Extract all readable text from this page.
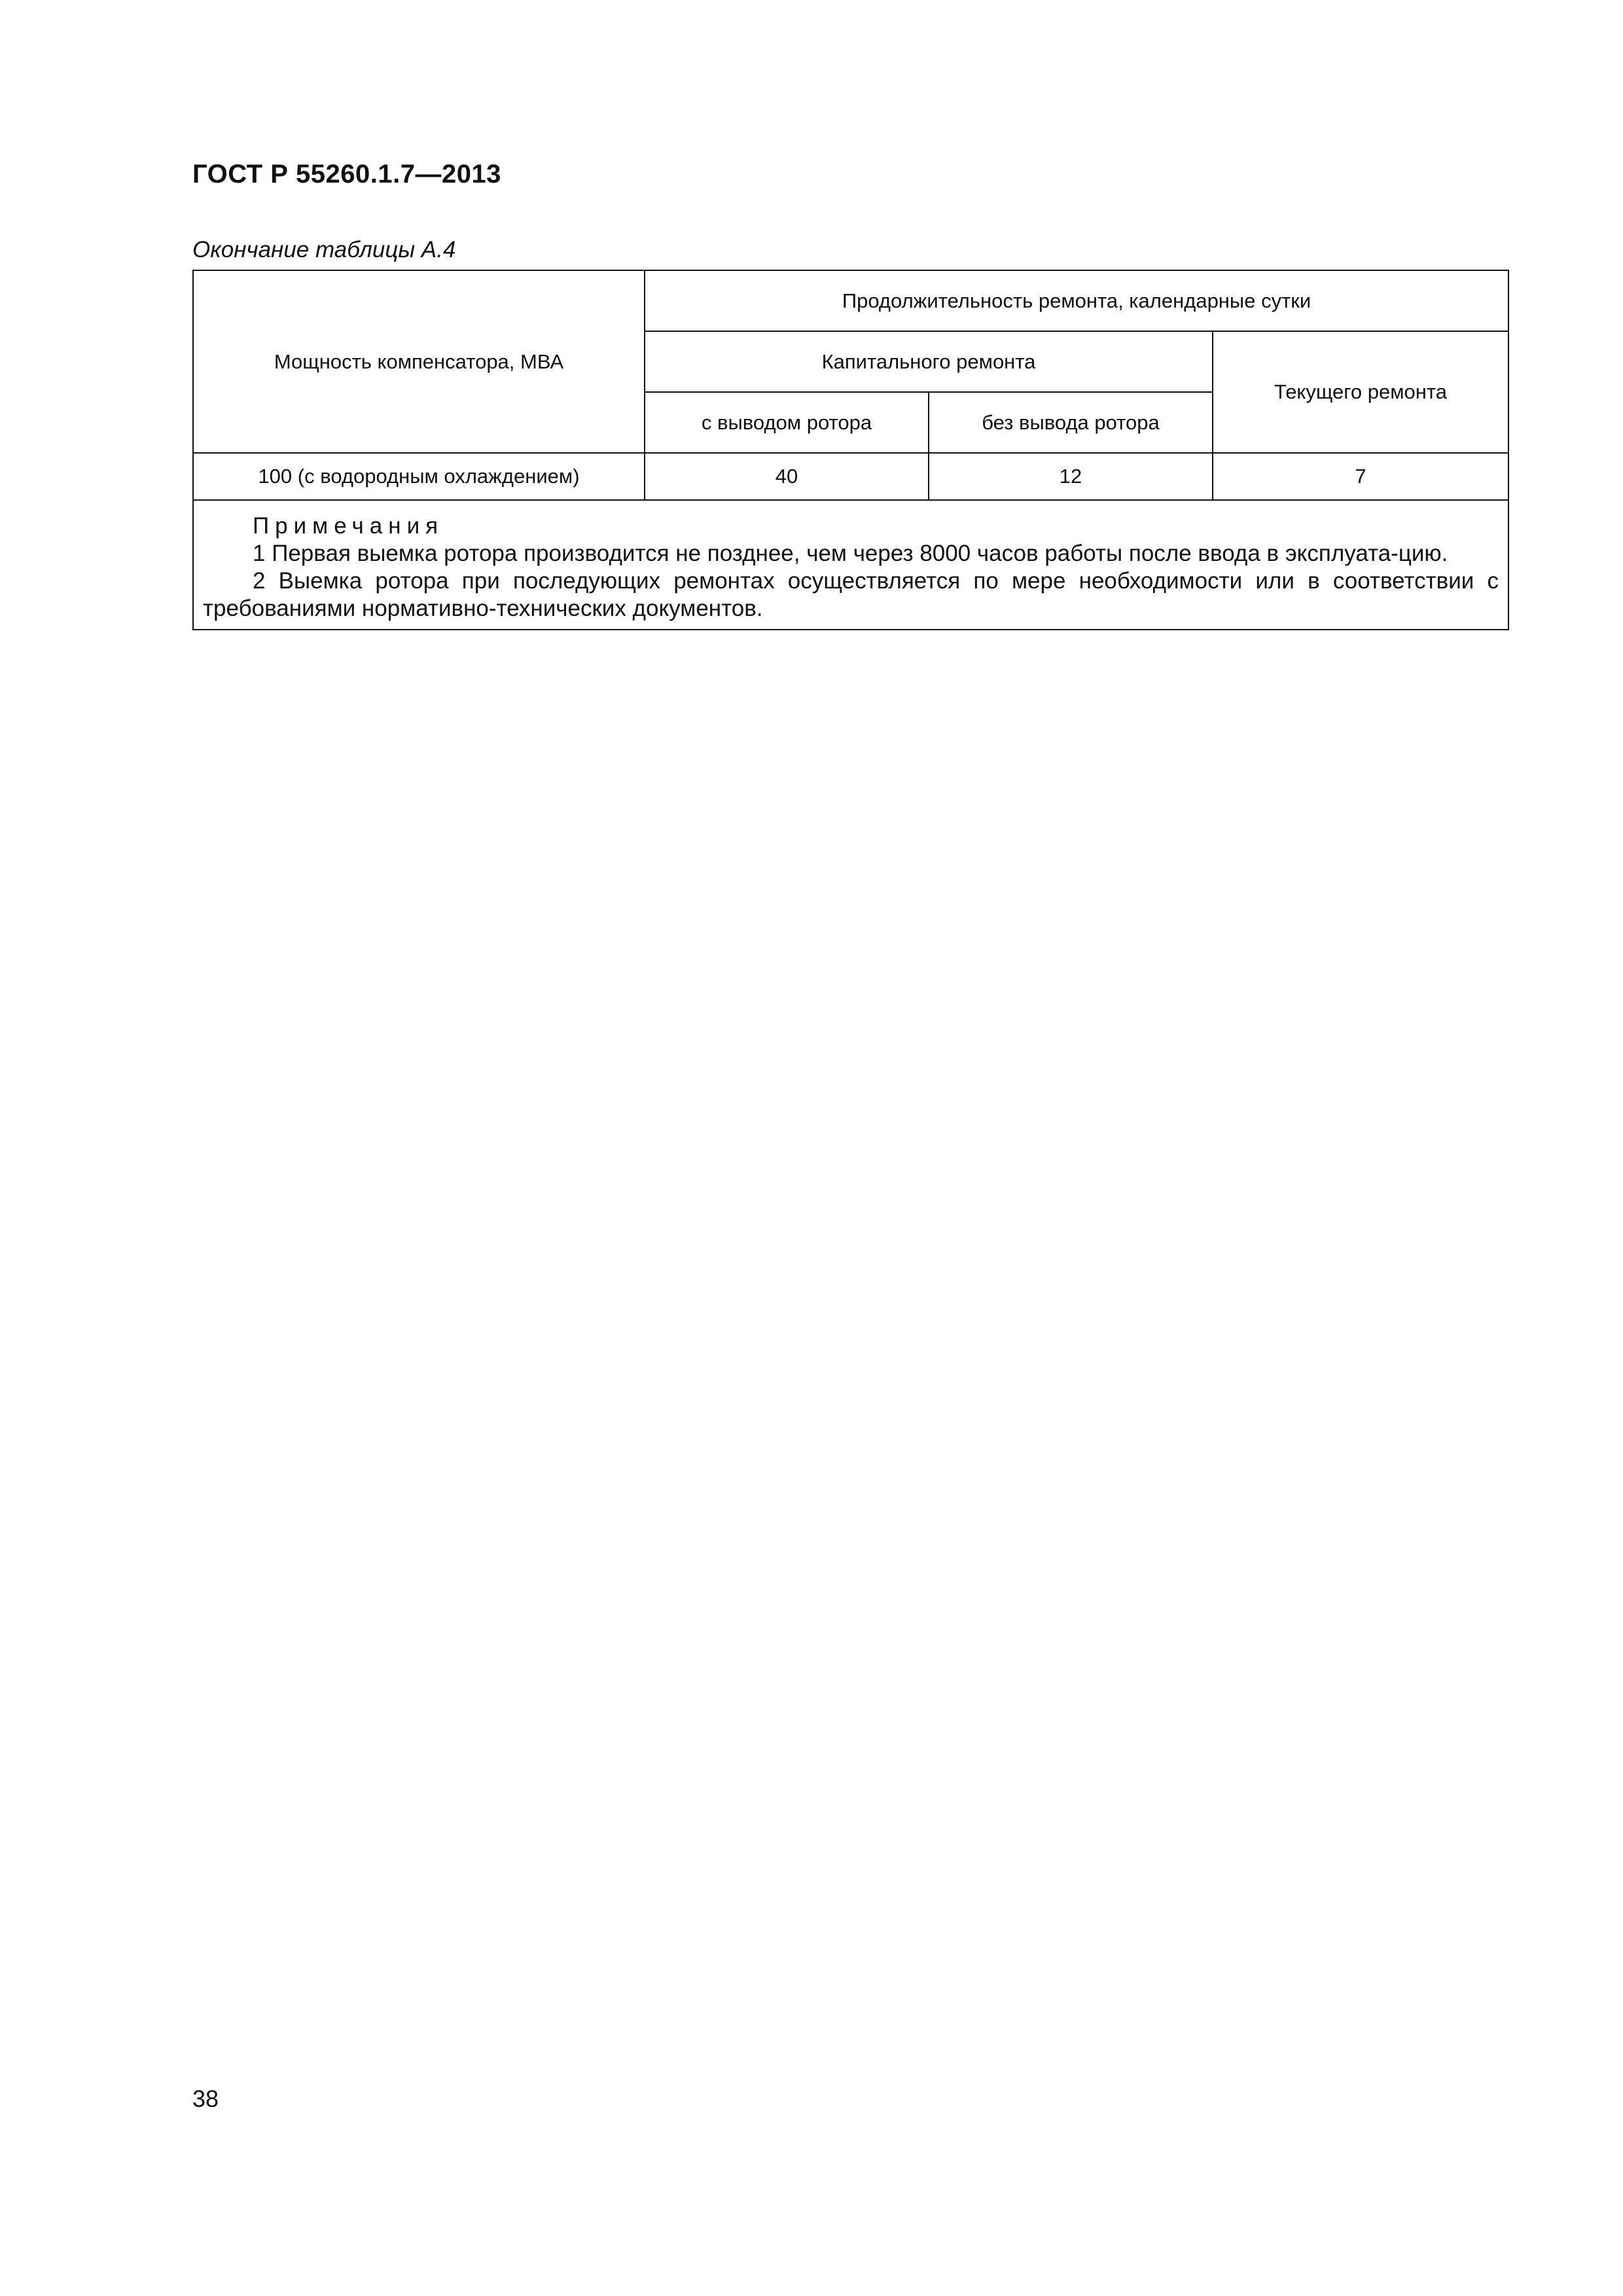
ГОСТ Р 55260.1.7—2013
Окончание таблицы А.4
Мощность компенсатора, МВА	Продолжительность ремонта, календарные сутки		
	Капитального ремонта		Текущего ремонта
	с выводом ротора	без вывода ротора	
100 (с водородным охлаждением)	40	12	7

Примечания
1 Первая выемка ротора производится не позднее, чем через 8000 часов работы после ввода в эксплуата-цию.
2 Выемка ротора при последующих ремонтах осуществляется по мере необходимости или в соответствии с требованиями нормативно-технических документов.			
38
